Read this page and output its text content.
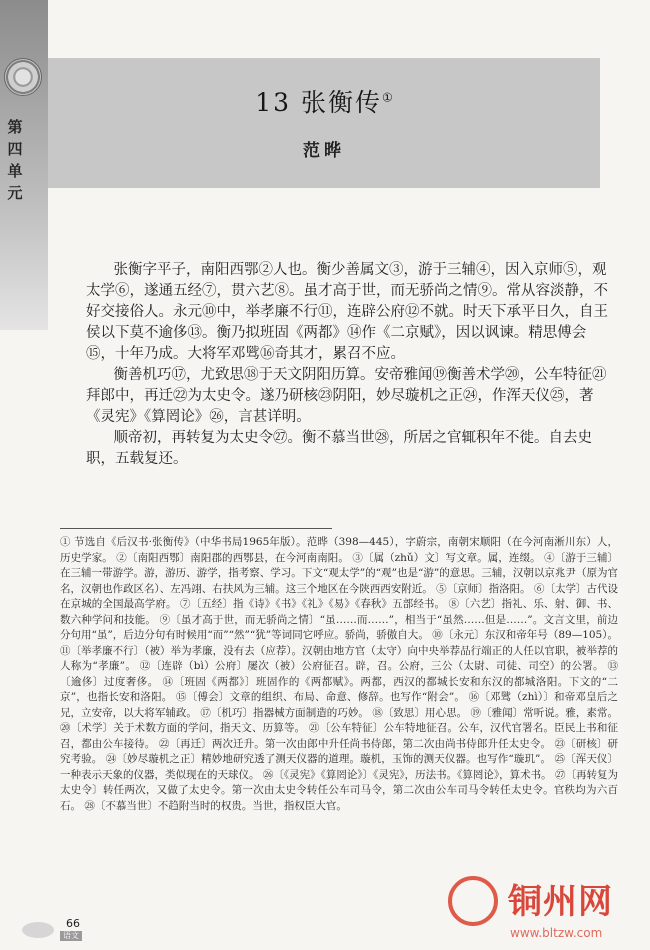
第四单元
13 张衡传①
范晔

张衡字平子，南阳西鄂②人也。衡少善属文③，游于三辅④，因入京师⑤，观太学⑥，遂通五经⑦，贯六艺⑧。虽才高于世，而无骄尚之情⑨。常从容淡静，不好交接俗人。永元⑩中，举孝廉不行⑪，连辟公府⑫不就。时天下承平日久，自王侯以下莫不逾侈⑬。衡乃拟班固《两都》⑭作《二京赋》，因以讽谏。精思傅会⑮，十年乃成。大将军邓骘⑯奇其才，累召不应。

衡善机巧⑰，尤致思⑱于天文阴阳历算。安帝雅闻⑲衡善术学⑳，公车特征㉑拜郎中，再迁㉒为太史令。遂乃研核㉓阴阳，妙尽璇机之正㉔，作浑天仪㉕，著《灵宪》《算罔论》㉖，言甚详明。

顺帝初，再转复为太史令㉗。衡不慕当世㉘，所居之官辄积年不徙。自去史职，五载复还。

① 节选自《后汉书·张衡传》（中华书局1965年版）。范晔（398—445），字蔚宗，南朝宋顺阳（在今河南淅川东）人，历史学家。 ②〔南阳西鄂〕南阳郡的西鄂县，在今河南南阳。 ③〔属（zhǔ）文〕写文章。属，连缀。 ④〔游于三辅〕在三辅一带游学。游，游历、游学，指考察、学习。下文“观太学”的“观”也是“游”的意思。三辅，汉朝以京兆尹（原为官名，汉朝也作政区名）、左冯翊、右扶风为三辅。这三个地区在今陕西西安附近。 ⑤〔京师〕指洛阳。 ⑥〔太学〕古代设在京城的全国最高学府。 ⑦〔五经〕指《诗》《书》《礼》《易》《春秋》五部经书。 ⑧〔六艺〕指礼、乐、射、御、书、数六种学问和技能。 ⑨〔虽才高于世，而无骄尚之情〕“虽……而……”，相当于“虽然……但是……”。文言文里，前边分句用“虽”，后边分句有时候用“而”“然”“犹”等词同它呼应。骄尚，骄傲自大。 ⑩〔永元〕东汉和帝年号（89—105）。 ⑪〔举孝廉不行〕（被）举为孝廉，没有去（应荐）。汉朝由地方官（太守）向中央举荐品行端正的人任以官职，被举荐的人称为“孝廉”。 ⑫〔连辟（bì）公府〕屡次（被）公府征召。辟，召。公府，三公（太尉、司徒、司空）的公署。 ⑬〔逾侈〕过度奢侈。 ⑭〔班固《两都》〕班固作的《两都赋》。两都，西汉的都城长安和东汉的都城洛阳。下文的“二京”，也指长安和洛阳。 ⑮〔傅会〕文章的组织、布局、命意、修辞。也写作“附会”。 ⑯〔邓骘（zhì）〕和帝邓皇后之兄，立安帝，以大将军辅政。 ⑰〔机巧〕指器械方面制造的巧妙。 ⑱〔致思〕用心思。 ⑲〔雅闻〕常听说。雅，素常。 ⑳〔术学〕关于术数方面的学问，指天文、历算等。 ㉑〔公车特征〕公车特地征召。公车，汉代官署名。臣民上书和征召，都由公车接待。 ㉒〔再迁〕两次迁升。第一次由郎中升任尚书侍郎，第二次由尚书侍郎升任太史令。 ㉓〔研核〕研究考验。 ㉔〔妙尽璇机之正〕精妙地研究透了测天仪器的道理。璇机，玉饰的测天仪器。也写作“璇玑”。 ㉕〔浑天仪〕一种表示天象的仪器，类似现在的天球仪。 ㉖〔《灵宪》《算罔论》〕《灵宪》，历法书。《算罔论》，算术书。 ㉗〔再转复为太史令〕转任两次，又做了太史令。第一次由太史令转任公车司马令，第二次由公车司马令转任太史令。官秩均为六百石。 ㉘〔不慕当世〕不趋附当时的权贵。当世，指权臣大官。
66
语文
铜州网
www.bltzw.com
